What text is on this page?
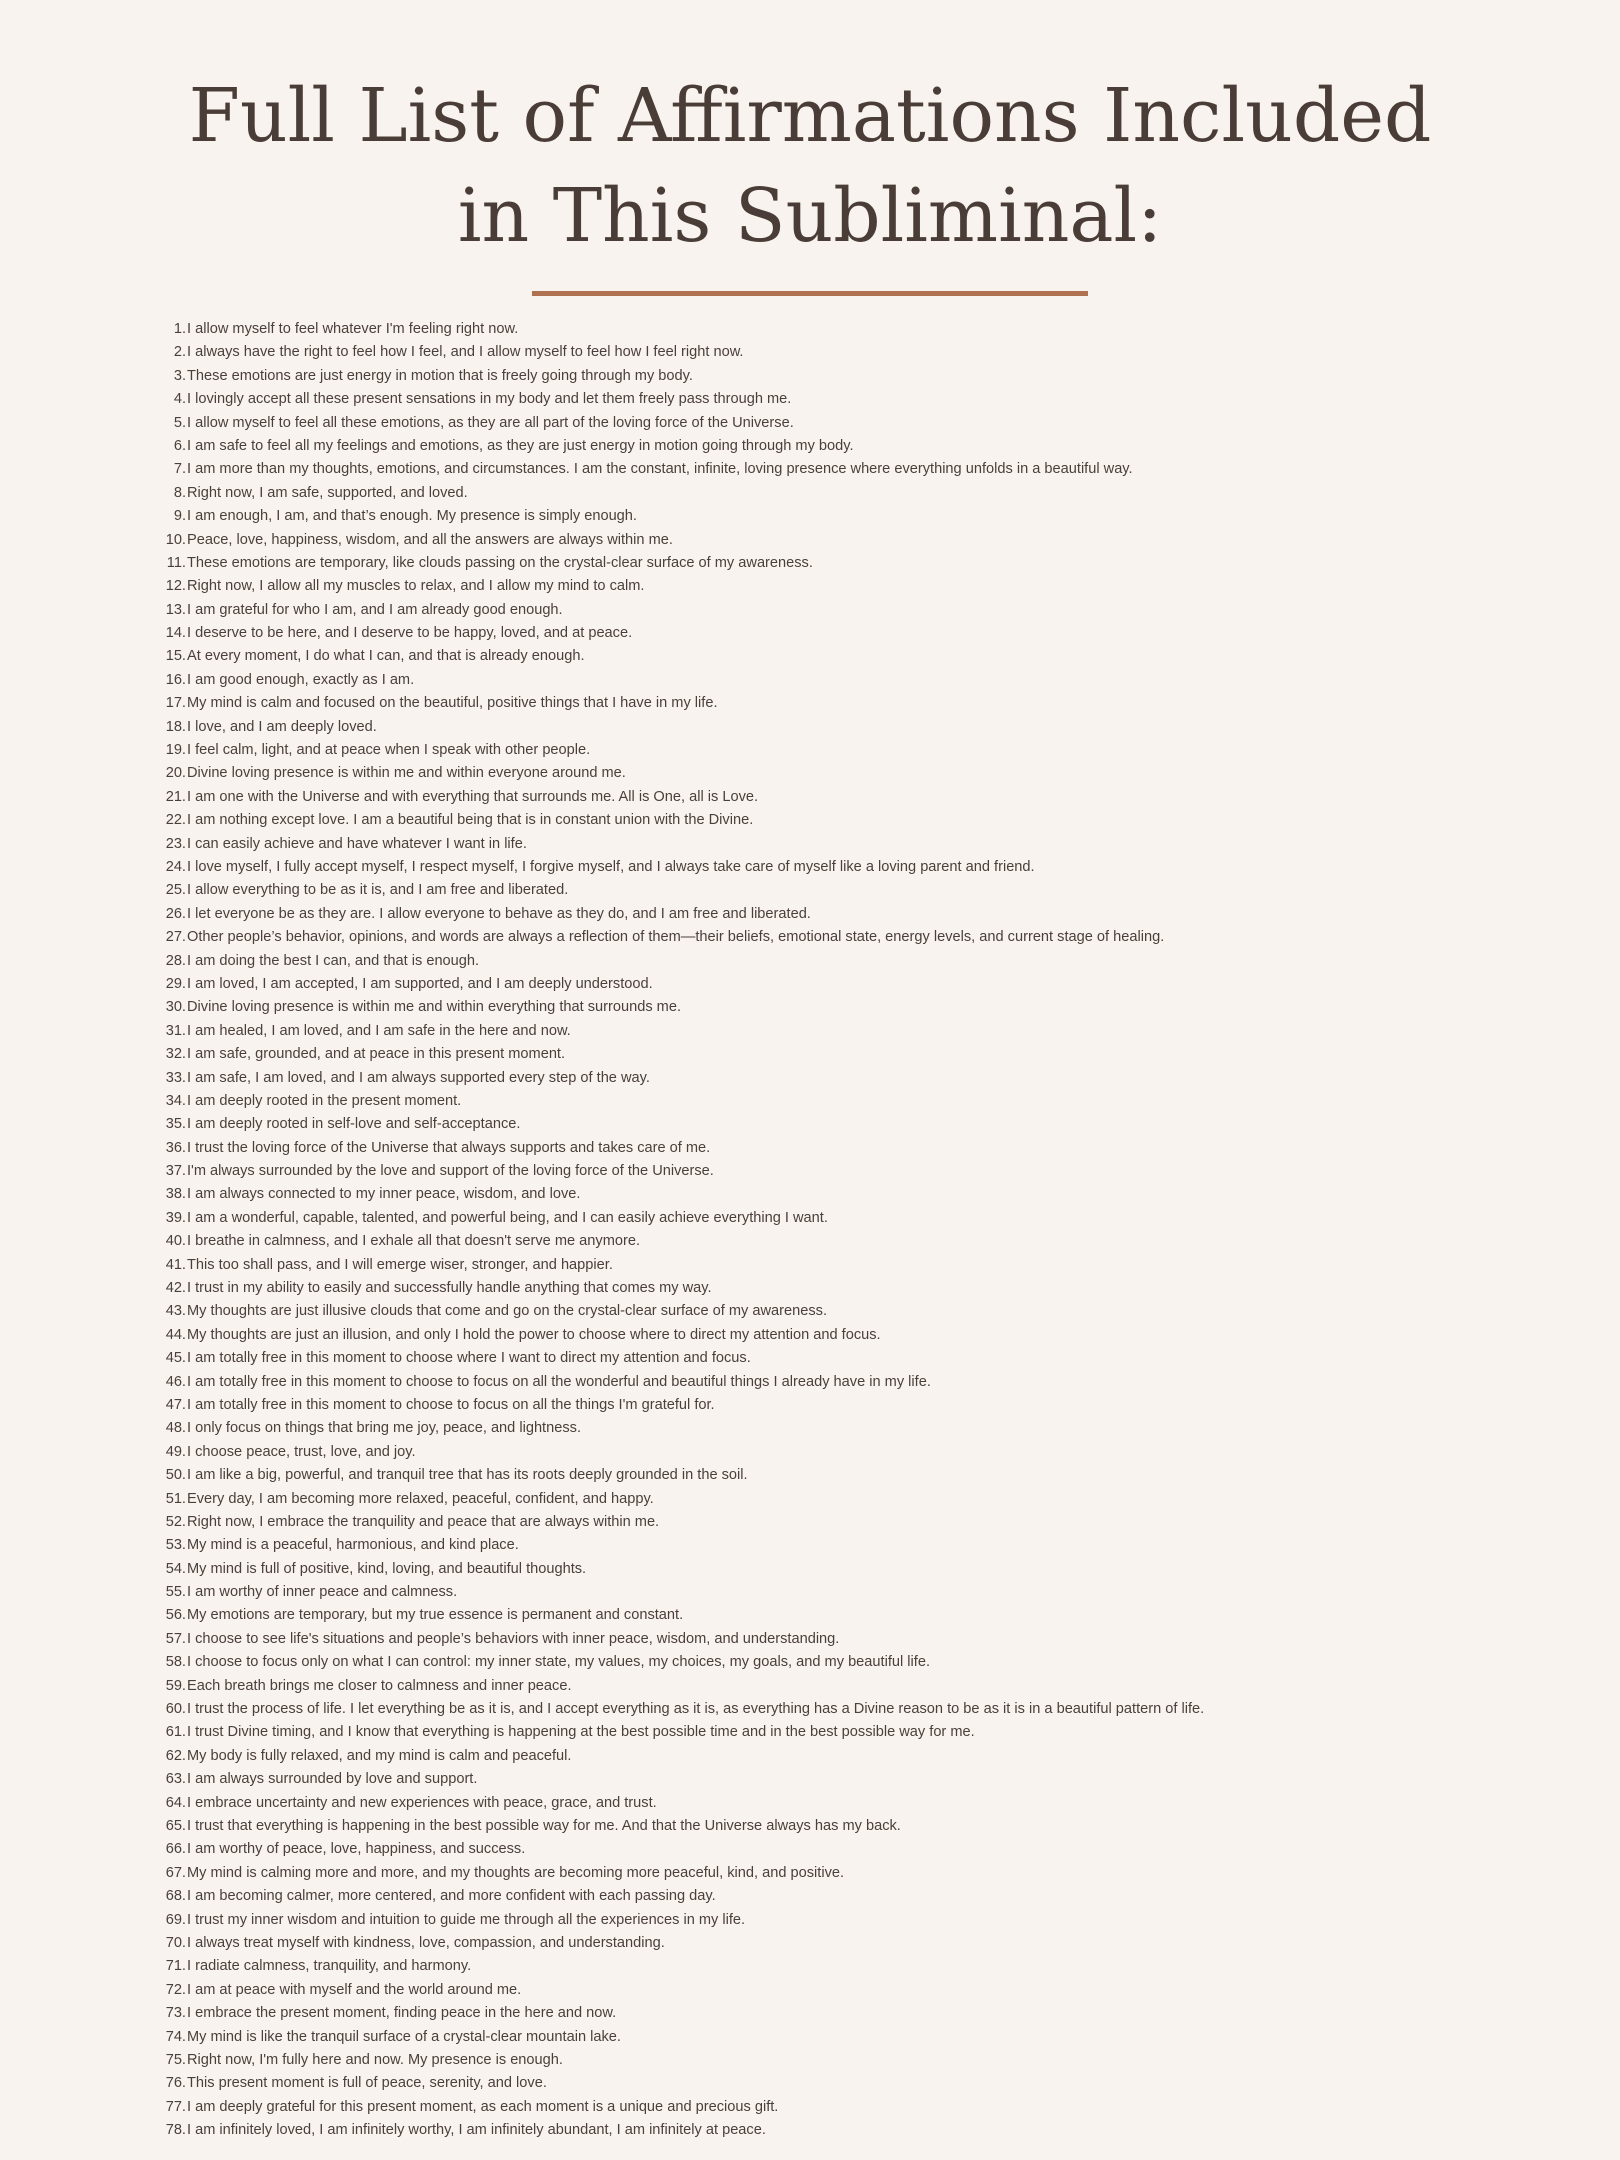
Full List of Affirmations Included
in This Subliminal:
1. I allow myself to feel whatever I'm feeling right now.
2. I always have the right to feel how I feel, and I allow myself to feel how I feel right now.
3. These emotions are just energy in motion that is freely going through my body.
4. I lovingly accept all these present sensations in my body and let them freely pass through me.
5. I allow myself to feel all these emotions, as they are all part of the loving force of the Universe.
6. I am safe to feel all my feelings and emotions, as they are just energy in motion going through my body.
7. I am more than my thoughts, emotions, and circumstances. I am the constant, infinite, loving presence where everything unfolds in a beautiful way.
8. Right now, I am safe, supported, and loved.
9. I am enough, I am, and that’s enough. My presence is simply enough.
10. Peace, love, happiness, wisdom, and all the answers are always within me.
11. These emotions are temporary, like clouds passing on the crystal-clear surface of my awareness.
12. Right now, I allow all my muscles to relax, and I allow my mind to calm.
13. I am grateful for who I am, and I am already good enough.
14. I deserve to be here, and I deserve to be happy, loved, and at peace.
15. At every moment, I do what I can, and that is already enough.
16. I am good enough, exactly as I am.
17. My mind is calm and focused on the beautiful, positive things that I have in my life.
18. I love, and I am deeply loved.
19. I feel calm, light, and at peace when I speak with other people.
20. Divine loving presence is within me and within everyone around me.
21. I am one with the Universe and with everything that surrounds me. All is One, all is Love.
22. I am nothing except love. I am a beautiful being that is in constant union with the Divine.
23. I can easily achieve and have whatever I want in life.
24. I love myself, I fully accept myself, I respect myself, I forgive myself, and I always take care of myself like a loving parent and friend.
25. I allow everything to be as it is, and I am free and liberated.
26. I let everyone be as they are. I allow everyone to behave as they do, and I am free and liberated.
27. Other people’s behavior, opinions, and words are always a reflection of them—their beliefs, emotional state, energy levels, and current stage of healing.
28. I am doing the best I can, and that is enough.
29. I am loved, I am accepted, I am supported, and I am deeply understood.
30. Divine loving presence is within me and within everything that surrounds me.
31. I am healed, I am loved, and I am safe in the here and now.
32. I am safe, grounded, and at peace in this present moment.
33. I am safe, I am loved, and I am always supported every step of the way.
34. I am deeply rooted in the present moment.
35. I am deeply rooted in self-love and self-acceptance.
36. I trust the loving force of the Universe that always supports and takes care of me.
37. I'm always surrounded by the love and support of the loving force of the Universe.
38. I am always connected to my inner peace, wisdom, and love.
39. I am a wonderful, capable, talented, and powerful being, and I can easily achieve everything I want.
40. I breathe in calmness, and I exhale all that doesn't serve me anymore.
41. This too shall pass, and I will emerge wiser, stronger, and happier.
42. I trust in my ability to easily and successfully handle anything that comes my way.
43. My thoughts are just illusive clouds that come and go on the crystal-clear surface of my awareness.
44. My thoughts are just an illusion, and only I hold the power to choose where to direct my attention and focus.
45. I am totally free in this moment to choose where I want to direct my attention and focus.
46. I am totally free in this moment to choose to focus on all the wonderful and beautiful things I already have in my life.
47. I am totally free in this moment to choose to focus on all the things I'm grateful for.
48. I only focus on things that bring me joy, peace, and lightness.
49. I choose peace, trust, love, and joy.
50. I am like a big, powerful, and tranquil tree that has its roots deeply grounded in the soil.
51. Every day, I am becoming more relaxed, peaceful, confident, and happy.
52. Right now, I embrace the tranquility and peace that are always within me.
53. My mind is a peaceful, harmonious, and kind place.
54. My mind is full of positive, kind, loving, and beautiful thoughts.
55. I am worthy of inner peace and calmness.
56. My emotions are temporary, but my true essence is permanent and constant.
57. I choose to see life's situations and people’s behaviors with inner peace, wisdom, and understanding.
58. I choose to focus only on what I can control: my inner state, my values, my choices, my goals, and my beautiful life.
59. Each breath brings me closer to calmness and inner peace.
60. I trust the process of life. I let everything be as it is, and I accept everything as it is, as everything has a Divine reason to be as it is in a beautiful pattern of life.
61. I trust Divine timing, and I know that everything is happening at the best possible time and in the best possible way for me.
62. My body is fully relaxed, and my mind is calm and peaceful.
63. I am always surrounded by love and support.
64. I embrace uncertainty and new experiences with peace, grace, and trust.
65. I trust that everything is happening in the best possible way for me. And that the Universe always has my back.
66. I am worthy of peace, love, happiness, and success.
67. My mind is calming more and more, and my thoughts are becoming more peaceful, kind, and positive.
68. I am becoming calmer, more centered, and more confident with each passing day.
69. I trust my inner wisdom and intuition to guide me through all the experiences in my life.
70. I always treat myself with kindness, love, compassion, and understanding.
71. I radiate calmness, tranquility, and harmony.
72. I am at peace with myself and the world around me.
73. I embrace the present moment, finding peace in the here and now.
74. My mind is like the tranquil surface of a crystal-clear mountain lake.
75. Right now, I'm fully here and now. My presence is enough.
76. This present moment is full of peace, serenity, and love.
77. I am deeply grateful for this present moment, as each moment is a unique and precious gift.
78. I am infinitely loved, I am infinitely worthy, I am infinitely abundant, I am infinitely at peace.
